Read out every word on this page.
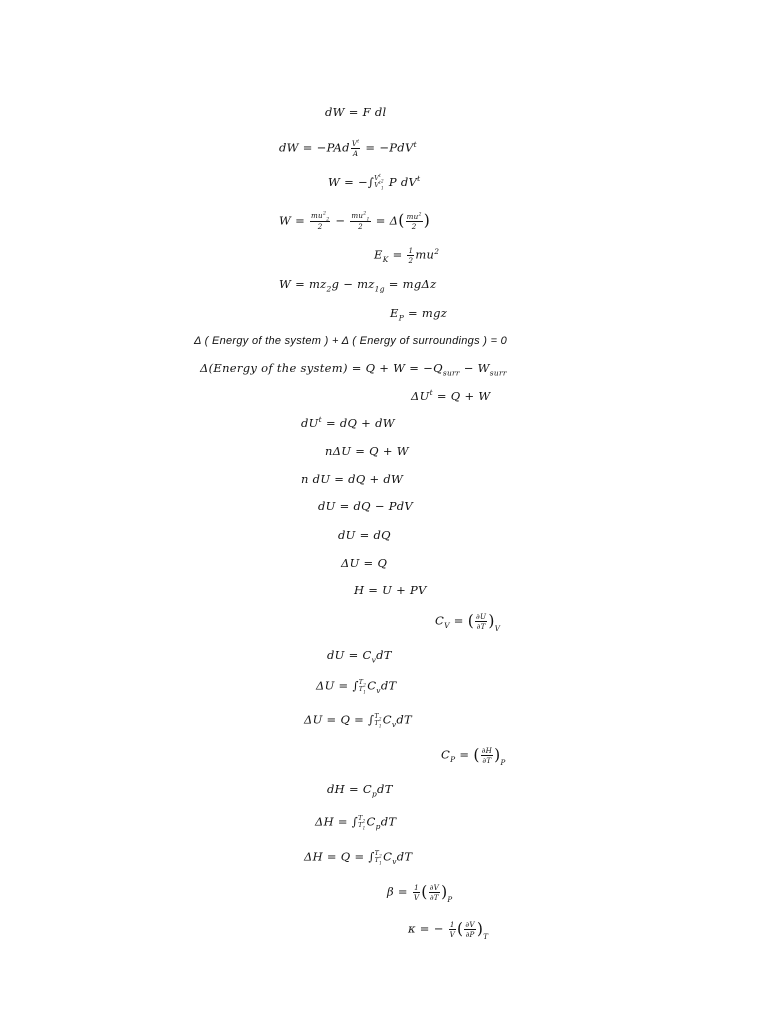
dW = F dl
dW = $-PAd \frac{V^t}{A} = -PdV^t$
W = −∫ $V^t_2$
$V^t_1$ P $dV^t$
$W = \frac{mu^2_2}{2} - \frac{mu^2_1}{2} = \Delta( \frac{mu^2}{2}$ )
$E_K = \frac{1}{2} mu^2$
$W = mz_2g - mz_{1g} = mg\Delta z$
$E_P$ = mgz
Δ ( Energy of the system ) + Δ ( Energy of surroundings ) = 0
Δ(Energy of the system) = $Q + W = -Q_{surr} - W_{surr}$
$\Delta U^t = Q + W$
$dU^t$ = dQ + dW
nΔU = Q + W
n dU = dQ + dW
dU = dQ − PdV
dU = dQ
ΔU = Q
H = U + PV
$C_V$ = ( $\frac{\partial U}{\partial T} )_V$
dU = $C_vdT$
ΔU = ∫ $T_2$
$T_1$ $C_vdT$
ΔU = Q = ∫ $T_2$
$T_1$ $C_vdT$
$C_P$ = ( $\frac{\partial H}{\partial T} )_P$
dH = $C_pdT$
ΔH = ∫ $T_2$
$T_1$ $C_pdT$
ΔH = Q = ∫ $T_2$
$T_1$ $C_vdT$
$\beta = \frac{1}{V}$ ( $\frac{\partial V}{\partial T} )_P$
κ = − $\frac{1}{V}$ ( $\frac{\partial V}{\partial P} )_T$
